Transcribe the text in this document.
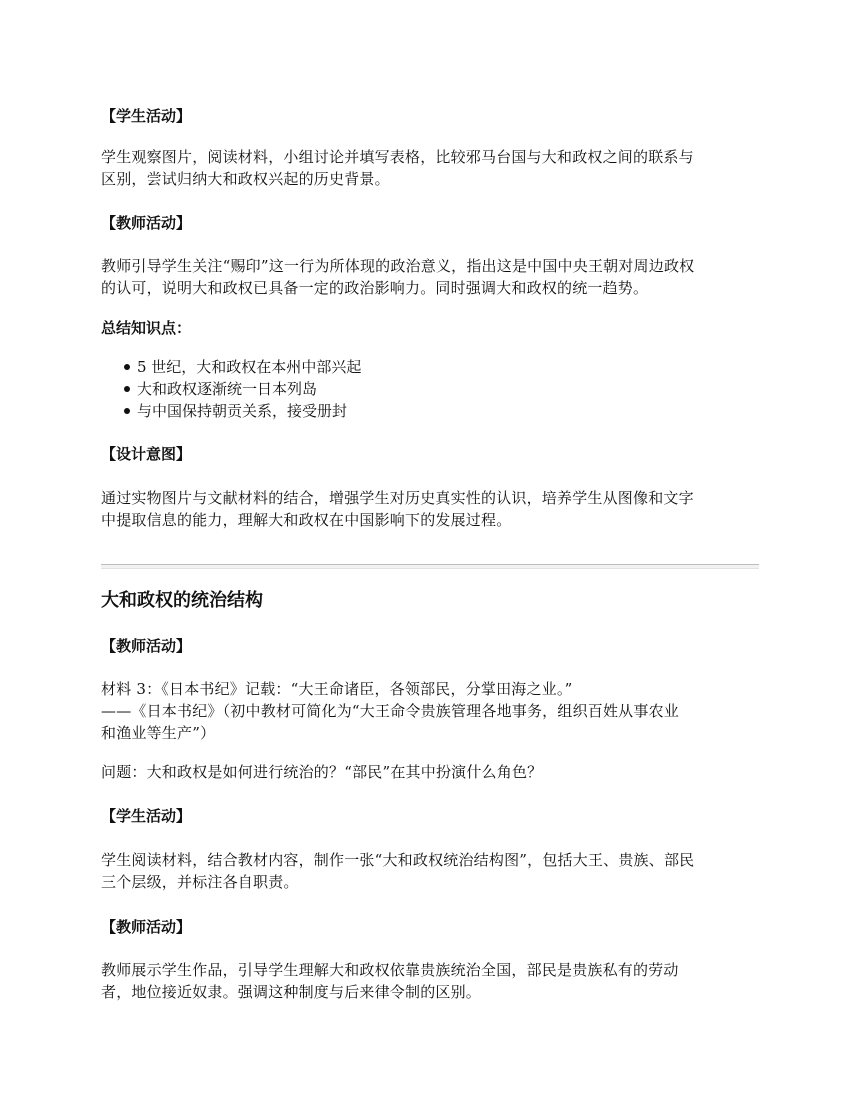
【学生活动】
学生观察图片，阅读材料，小组讨论并填写表格，比较邪马台国与大和政权之间的联系与
区别，尝试归纳大和政权兴起的历史背景。
【教师活动】
教师引导学生关注“赐印”这一行为所体现的政治意义，指出这是中国中央王朝对周边政权
的认可，说明大和政权已具备一定的政治影响力。同时强调大和政权的统一趋势。
总结知识点：
5 世纪，大和政权在本州中部兴起
大和政权逐渐统一日本列岛
与中国保持朝贡关系，接受册封
【设计意图】
通过实物图片与文献材料的结合，增强学生对历史真实性的认识，培养学生从图像和文字
中提取信息的能力，理解大和政权在中国影响下的发展过程。
大和政权的统治结构
【教师活动】
材料 3：《日本书纪》记载：“大王命诸臣，各领部民，分掌田海之业。”
——《日本书纪》（初中教材可简化为“大王命令贵族管理各地事务，组织百姓从事农业
和渔业等生产”）
问题：大和政权是如何进行统治的？“部民”在其中扮演什么角色？
【学生活动】
学生阅读材料，结合教材内容，制作一张“大和政权统治结构图”，包括大王、贵族、部民
三个层级，并标注各自职责。
【教师活动】
教师展示学生作品，引导学生理解大和政权依靠贵族统治全国，部民是贵族私有的劳动
者，地位接近奴隶。强调这种制度与后来律令制的区别。
